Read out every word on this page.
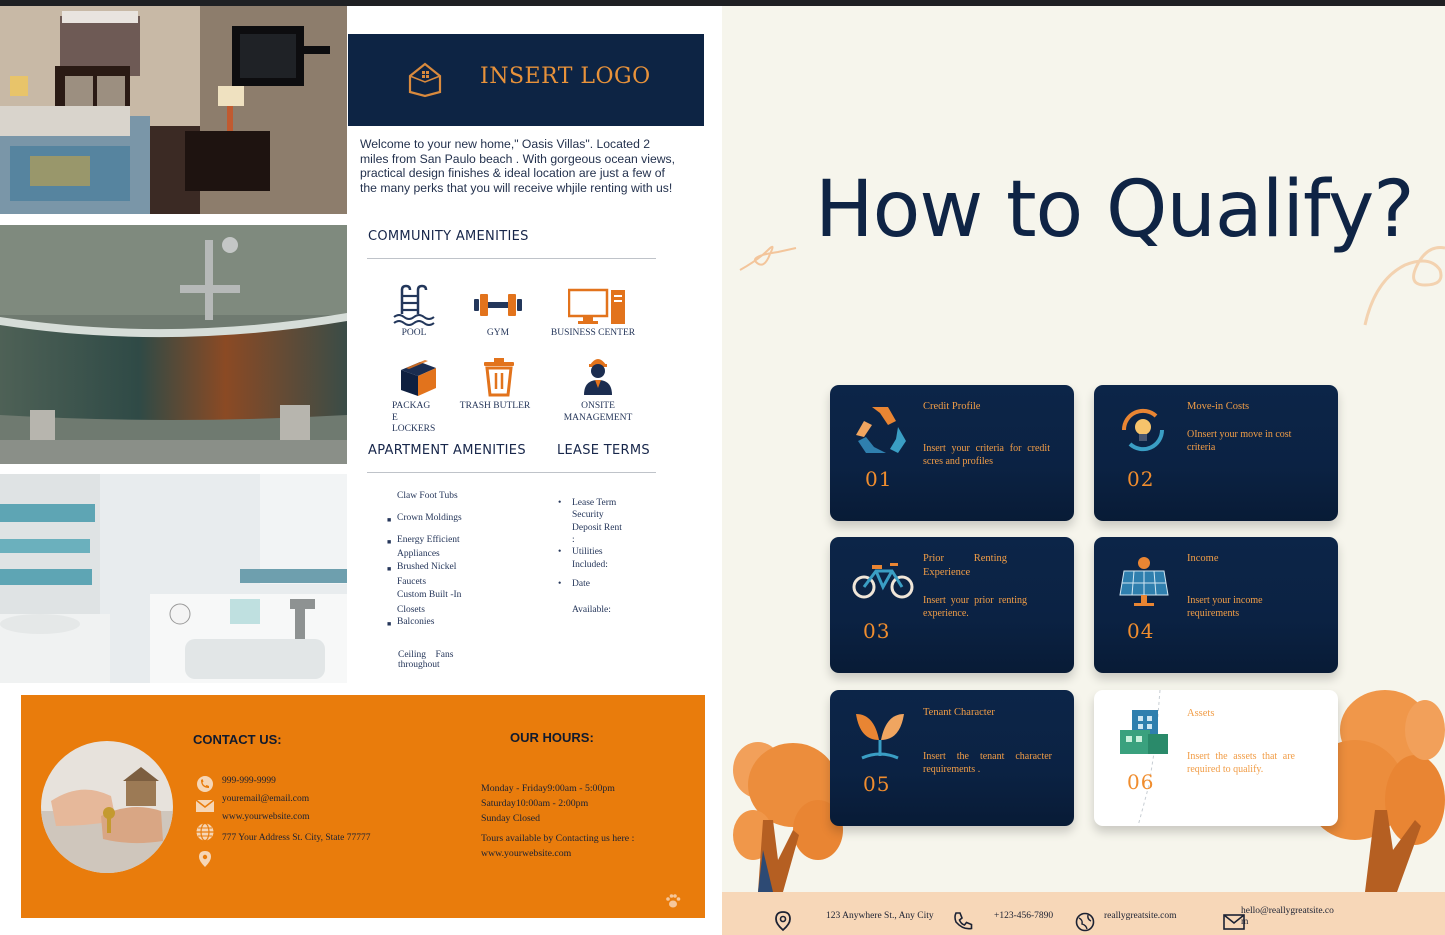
INSERT LOGO
Welcome to your new home," Oasis Villas". Located 2 miles from San Paulo beach . With gorgeous ocean views, practical design finishes & ideal location are just a few of the many perks that you will receive whjile renting with us!
COMMUNITY AMENITIES
POOL	GYM	BUSINESS CENTER
PACKAG
E
LOCKERS
TRASH BUTLER	ONSITE
MANAGEMENT
APARTMENT AMENITIES LEASE TERMS
Claw Foot Tubs
Crown Moldings
Energy Efficient
Appliances
Brushed Nickel
Faucets
Custom Built -In
Closets
Balconies
Ceiling    Fans
throughout
■
■
■
■
• Lease Term
Security
Deposit Rent
:
• Utilities
Included:
• Date
Available:
CONTACT US:
999-999-9999
youremail@email.com
www.yourwebsite.com
777 Your Address St. City, State 77777
OUR HOURS:
Monday - Friday9:00am - 5:00pm
Saturday10:00am - 2:00pm
Sunday Closed
Tours available by Contacting us here :
www.yourwebsite.com
How to Qualify?
Credit Profile
Insert your criteria for credit scres and profiles
01
Move-in Costs
OInsert your move in cost criteria
02
Prior Renting Experience
Insert your prior renting experience.
03
Income
Insert your income requirements
04
Tenant Character
Insert the tenant character requirements .
05
Assets
Insert the assets that are required to qualify.
06
123 Anywhere St., Any City	+123-456-7890	reallygreatsite.com	hello@reallygreatsite.co
m
